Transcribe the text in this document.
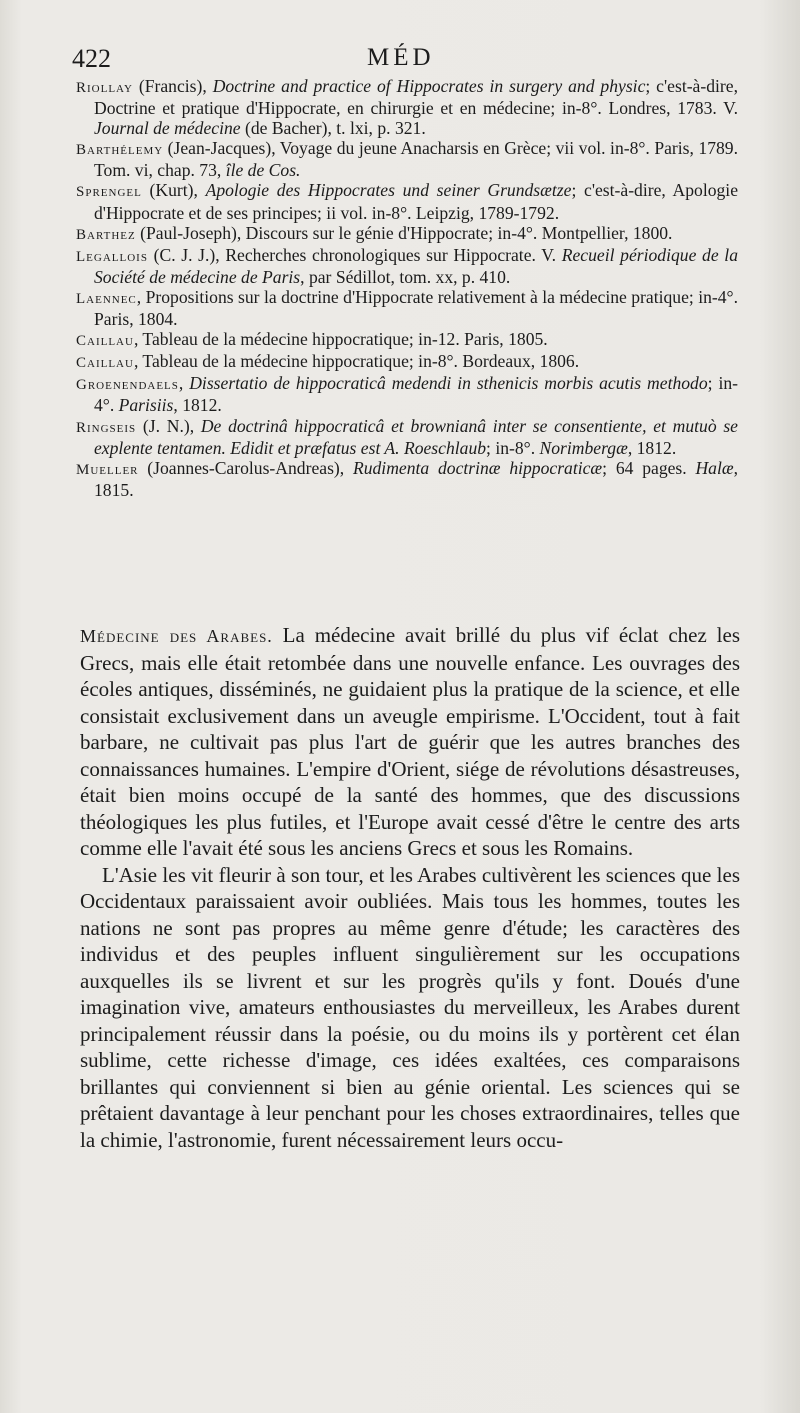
422	MÉD

Riollay (Francis), Doctrine and practice of Hippocrates in surgery and physic; c'est-à-dire, Doctrine et pratique d'Hippocrate, en chirurgie et en médecine; in-8°. Londres, 1783. V. Journal de médecine (de Bacher), t. lxi, p. 321.

Barthélemy (Jean-Jacques), Voyage du jeune Anacharsis en Grèce; vii vol. in-8°. Paris, 1789. Tom. vi, chap. 73, île de Cos.

Sprengel (Kurt), Apologie des Hippocrates und seiner Grundsætze; c'est-à-dire, Apologie d'Hippocrate et de ses principes; ii vol. in-8°. Leipzig, 1789-1792.

Barthez (Paul-Joseph), Discours sur le génie d'Hippocrate; in-4°. Montpellier, 1800.

Legallois (C. J. J.), Recherches chronologiques sur Hippocrate. V. Recueil périodique de la Société de médecine de Paris, par Sédillot, tom. xx, p. 410.

Laennec, Propositions sur la doctrine d'Hippocrate relativement à la médecine pratique; in-4°. Paris, 1804.

Caillau, Tableau de la médecine hippocratique; in-12. Paris, 1805.

Caillau, Tableau de la médecine hippocratique; in-8°. Bordeaux, 1806.

Groenendaels, Dissertatio de hippocraticâ medendi in sthenicis morbis acutis methodo; in-4°. Parisiis, 1812.

Ringseis (J. N.), De doctrinâ hippocraticâ et brownianâ inter se consentiente, et mutuò se explente tentamen. Edidit et præfatus est A. Roeschlaub; in-8°. Norimbergæ, 1812.

Mueller (Joannes-Carolus-Andreas), Rudimenta doctrinæ hippocraticæ; 64 pages. Halæ, 1815.

Médecine des Arabes. La médecine avait brillé du plus vif éclat chez les Grecs, mais elle était retombée dans une nouvelle enfance. Les ouvrages des écoles antiques, disséminés, ne guidaient plus la pratique de la science, et elle consistait exclusivement dans un aveugle empirisme. L'Occident, tout à fait barbare, ne cultivait pas plus l'art de guérir que les autres branches des connaissances humaines. L'empire d'Orient, siége de révolutions désastreuses, était bien moins occupé de la santé des hommes, que des discussions théologiques les plus futiles, et l'Europe avait cessé d'être le centre des arts comme elle l'avait été sous les anciens Grecs et sous les Romains.

L'Asie les vit fleurir à son tour, et les Arabes cultivèrent les sciences que les Occidentaux paraissaient avoir oubliées. Mais tous les hommes, toutes les nations ne sont pas propres au même genre d'étude; les caractères des individus et des peuples influent singulièrement sur les occupations auxquelles ils se livrent et sur les progrès qu'ils y font. Doués d'une imagination vive, amateurs enthousiastes du merveilleux, les Arabes durent principalement réussir dans la poésie, ou du moins ils y portèrent cet élan sublime, cette richesse d'image, ces idées exaltées, ces comparaisons brillantes qui conviennent si bien au génie oriental. Les sciences qui se prêtaient davantage à leur penchant pour les choses extraordinaires, telles que la chimie, l'astronomie, furent nécessairement leurs occu-
